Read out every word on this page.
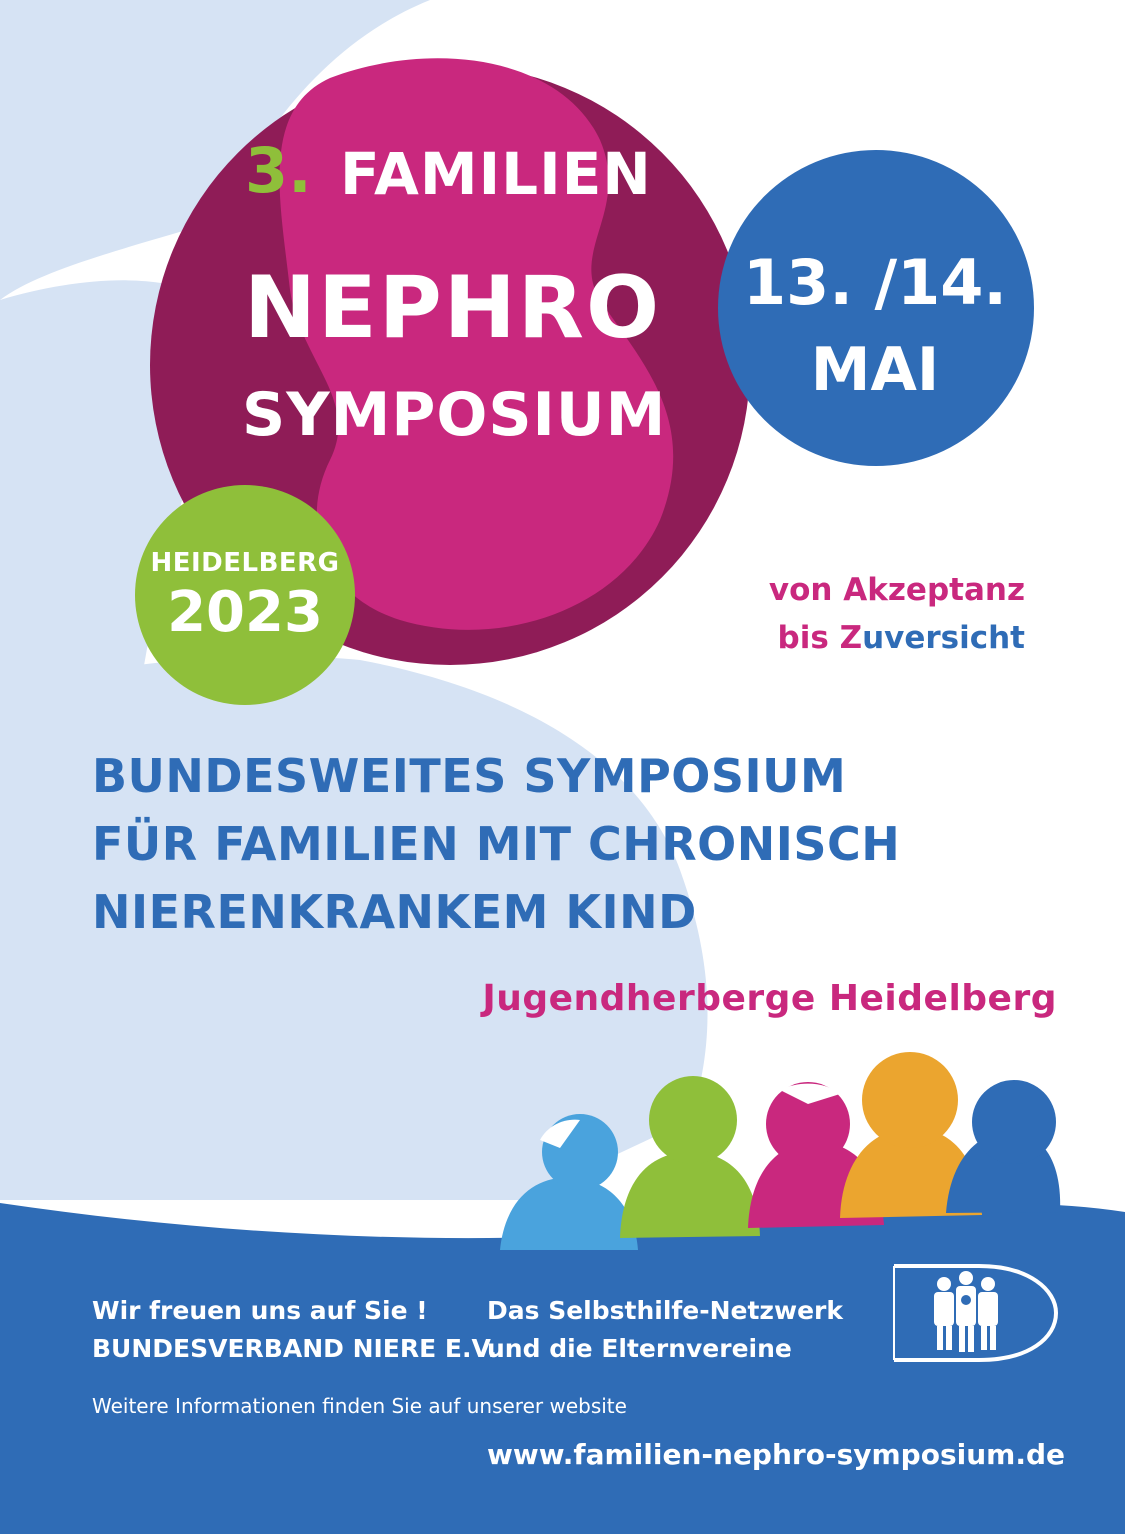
3. FAMILIEN
NEPHRO
SYMPOSIUM
13. /14.
MAI
HEIDELBERG
2023	von Akzeptanz
bis Zuversicht
BUNDESWEITES SYMPOSIUM
FÜR FAMILIEN MIT CHRONISCH
NIERENKRANKEM KIND
Jugendherberge Heidelberg
Wir freuen uns auf Sie !
BUNDESVERBAND NIERE E.V.
Das Selbsthilfe-Netzwerk
und die Elternvereine
Weitere Informationen finden Sie auf unserer website
www.familien-nephro-symposium.de
